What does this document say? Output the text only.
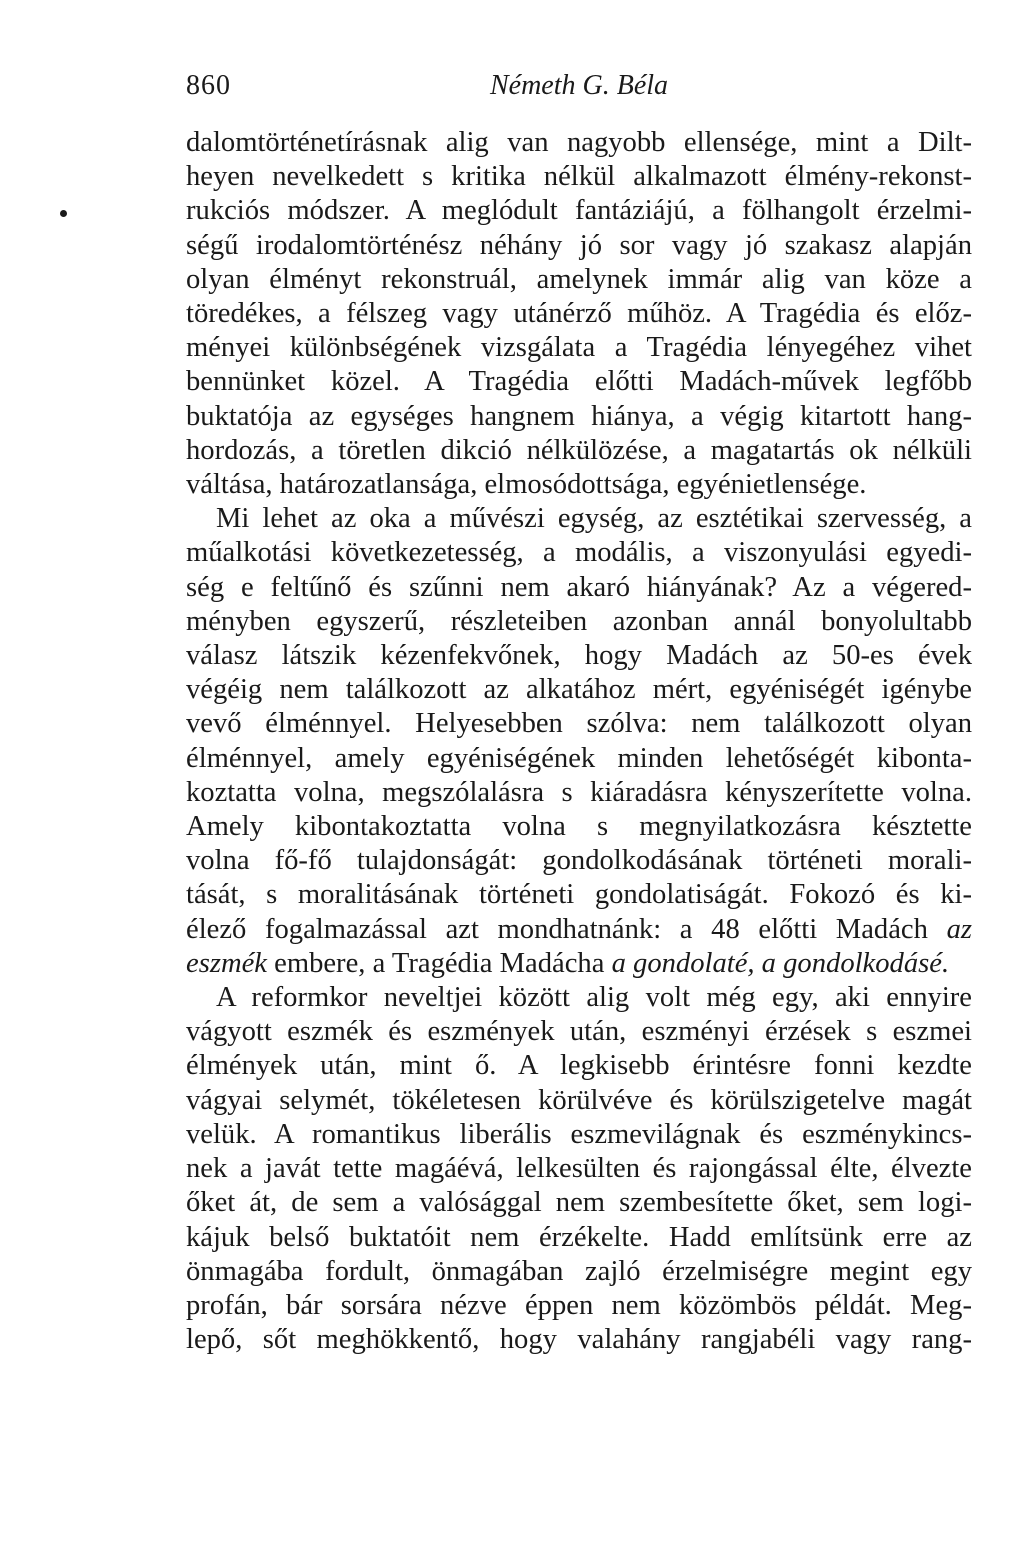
860	Németh G. Béla
dalomtörténetírásnak alig van nagyobb ellensége, mint a Dilt-
heyen nevelkedett s kritika nélkül alkalmazott élmény-rekonst-
rukciós módszer. A meglódult fantáziájú, a fölhangolt érzelmi-
ségű irodalomtörténész néhány jó sor vagy jó szakasz alapján
olyan élményt rekonstruál, amelynek immár alig van köze a
töredékes, a félszeg vagy utánérző műhöz. A Tragédia és előz-
ményei különbségének vizsgálata a Tragédia lényegéhez vihet
bennünket közel. A Tragédia előtti Madách-művek legfőbb
buktatója az egységes hangnem hiánya, a végig kitartott hang-
hordozás, a töretlen dikció nélkülözése, a magatartás ok nélküli
váltása, határozatlansága, elmosódottsága, egyénietlensége.
Mi lehet az oka a művészi egység, az esztétikai szervesség, a
műalkotási következetesség, a modális, a viszonyulási egyedi-
ség e feltűnő és szűnni nem akaró hiányának? Az a végered-
ményben egyszerű, részleteiben azonban annál bonyolultabb
válasz látszik kézenfekvőnek, hogy Madách az 50-es évek
végéig nem találkozott az alkatához mért, egyéniségét igénybe
vevő élménnyel. Helyesebben szólva: nem találkozott olyan
élménnyel, amely egyéniségének minden lehetőségét kibonta-
koztatta volna, megszólalásra s kiáradásra kényszerítette volna.
Amely kibontakoztatta volna s megnyilatkozásra késztette
volna fő-fő tulajdonságát: gondolkodásának történeti morali-
tását, s moralitásának történeti gondolatiságát. Fokozó és ki-
élező fogalmazással azt mondhatnánk: a 48 előtti Madách az
eszmék embere, a Tragédia Madácha a gondolaté, a gondolkodásé.
A reformkor neveltjei között alig volt még egy, aki ennyire
vágyott eszmék és eszmények után, eszményi érzések s eszmei
élmények után, mint ő. A legkisebb érintésre fonni kezdte
vágyai selymét, tökéletesen körülvéve és körülszigetelve magát
velük. A romantikus liberális eszmevilágnak és eszménykincs-
nek a javát tette magáévá, lelkesülten és rajongással élte, élvezte
őket át, de sem a valósággal nem szembesítette őket, sem logi-
kájuk belső buktatóit nem érzékelte. Hadd említsünk erre az
önmagába fordult, önmagában zajló érzelmiségre megint egy
profán, bár sorsára nézve éppen nem közömbös példát. Meg-
lepő, sőt meghökkentő, hogy valahány rangjabéli vagy rang-
